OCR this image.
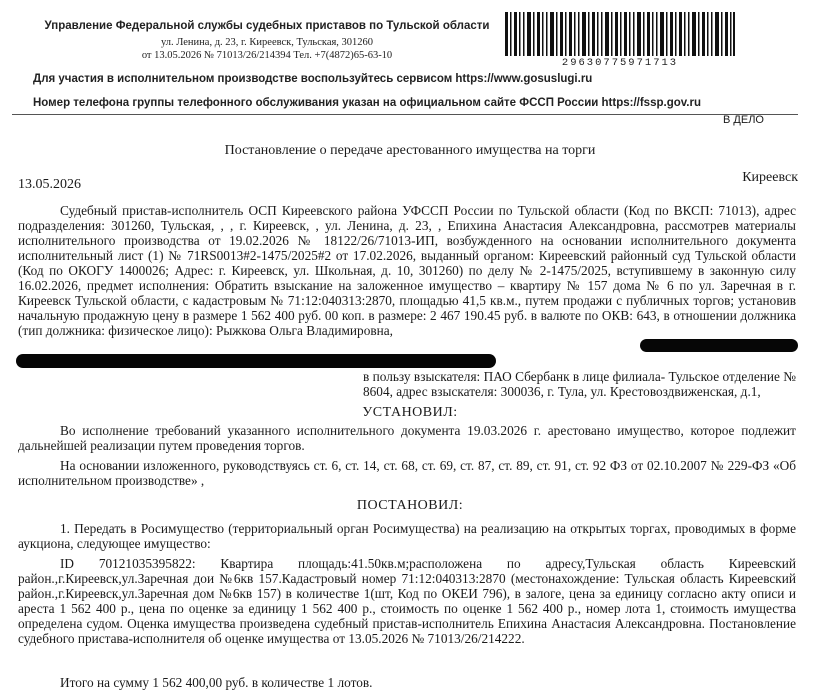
Управление Федеральной службы судебных приставов по Тульской области
ул. Ленина, д. 23, г. Киреевск, Тульская, 301260
от 13.05.2026 № 71013/26/214394 Тел. +7(4872)65-63-10
29630775971713
Для участия в исполнительном производстве воспользуйтесь сервисом https://www.gosuslugi.ru
Номер телефона группы телефонного обслуживания указан на официальном сайте ФССП России https://fssp.gov.ru
В ДЕЛО
Постановление о передаче арестованного имущества на торги
13.05.2026	Киреевск
Судебный пристав-исполнитель ОСП Киреевского района УФССП России по Тульской области (Код по ВКСП: 71013), адрес подразделения: 301260, Тульская, , , г. Киреевск, , ул. Ленина, д. 23, , Епихина Анастасия Александровна, рассмотрев материалы исполнительного производства от 19.02.2026 № 18122/26/71013-ИП, возбужденного на основании исполнительного документа исполнительный лист (1) № 71RS0013#2-1475/2025#2 от 17.02.2026, выданный органом: Киреевский районный суд Тульской области (Код по ОКОГУ 1400026; Адрес: г. Киреевск, ул. Школьная, д. 10, 301260) по делу № 2-1475/2025, вступившему в законную силу 16.02.2026, предмет исполнения: Обратить взыскание на заложенное имущество – квартиру № 157 дома № 6 по ул. Заречная в г. Киреевск Тульской области, с кадастровым № 71:12:040313:2870, площадью 41,5 кв.м., путем продажи с публичных торгов; установив начальную продажную цену в размере 1 562 400 руб. 00 коп. в размере: 2 467 190.45 руб. в валюте по ОКВ: 643, в отношении должника (тип должника: физическое лицо): Рыжкова Ольга Владимировна,
в пользу взыскателя: ПАО Сбербанк в лице филиала- Тульское отделение № 8604, адрес взыскателя: 300036, г. Тула, ул. Крестовоздвиженская, д.1,
УСТАНОВИЛ:
Во исполнение требований указанного исполнительного документа 19.03.2026 г. арестовано имущество, которое подлежит дальнейшей реализации путем проведения торгов.
На основании изложенного, руководствуясь ст. 6, ст. 14, ст. 68, ст. 69, ст. 87, ст. 89, ст. 91, ст. 92 ФЗ от 02.10.2007 № 229-ФЗ «Об исполнительном производстве» ,
ПОСТАНОВИЛ:
1. Передать в Росимущество (территориальный орган Росимущества) на реализацию на открытых торгах, проводимых в форме аукциона, следующее имущество:
ID 70121035395822: Квартира площадь:41.50кв.м;расположена по адресу,Тульская область Киреевский район.,г.Киреевск,ул.Заречная дои №6кв 157.Кадастровый номер 71:12:040313:2870 (местонахождение: Тульская область Киреевский район.,г.Киреевск,ул.Заречная дом №6кв 157) в количестве 1(шт, Код по ОКЕИ 796), в залоге, цена за единицу согласно акту описи и ареста 1 562 400 р., цена по оценке за единицу 1 562 400 р., стоимость по оценке 1 562 400 р., номер лота 1, стоимость имущества определена судом. Оценка имущества произведена судебный пристав-исполнитель Епихина Анастасия Александровна. Постановление судебного пристава-исполнителя об оценке имущества от 13.05.2026 № 71013/26/214222.
Итого на сумму 1 562 400,00 руб. в количестве 1 лотов.
